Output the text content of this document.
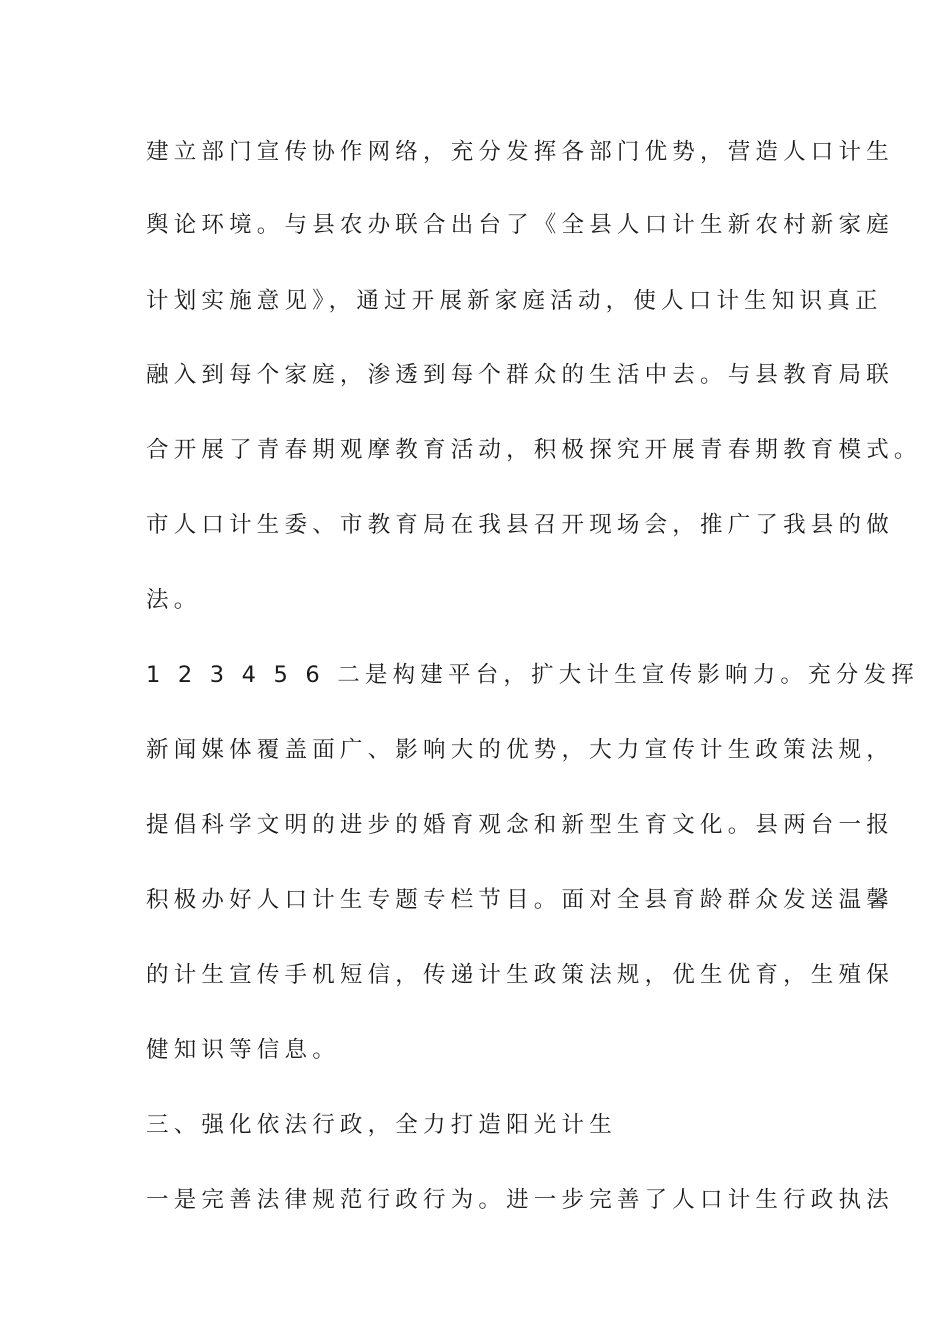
建立部门宣传协作网络，充分发挥各部门优势，营造人口计生
舆论环境。与县农办联合出台了《全县人口计生新农村新家庭
计划实施意见》，通过开展新家庭活动，使人口计生知识真正
融入到每个家庭，渗透到每个群众的生活中去。与县教育局联
合开展了青春期观摩教育活动，积极探究开展青春期教育模式。
市人口计生委、市教育局在我县召开现场会，推广了我县的做
法。
1 2 3 4 5 6 二是构建平台，扩大计生宣传影响力。充分发挥
新闻媒体覆盖面广、影响大的优势，大力宣传计生政策法规，
提倡科学文明的进步的婚育观念和新型生育文化。县两台一报
积极办好人口计生专题专栏节目。面对全县育龄群众发送温馨
的计生宣传手机短信，传递计生政策法规，优生优育，生殖保
健知识等信息。
三、强化依法行政，全力打造阳光计生
一是完善法律规范行政行为。进一步完善了人口计生行政执法
